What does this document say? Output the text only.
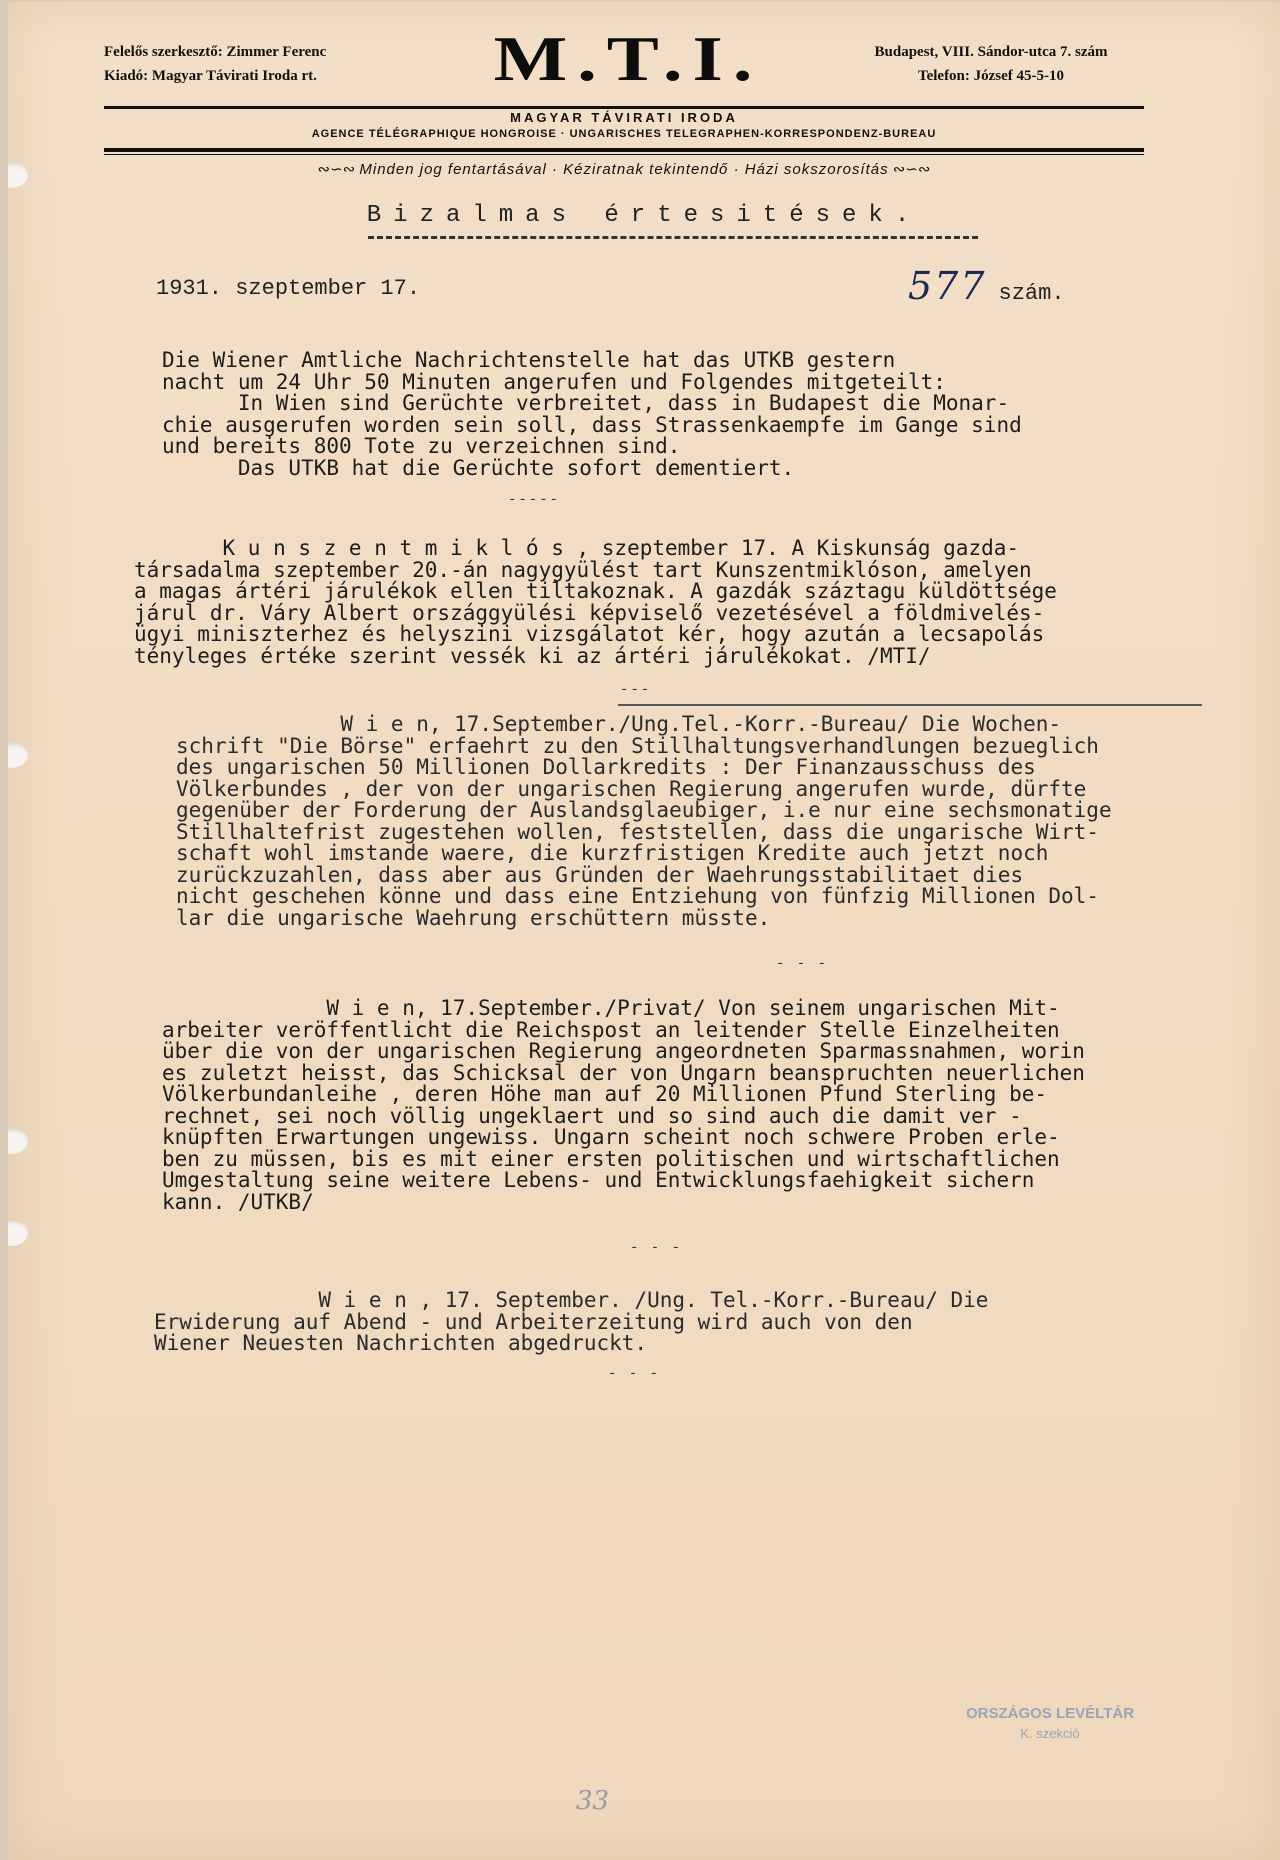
Felelős szerkesztő: Zimmer Ferenc
Kiadó: Magyar Távirati Iroda rt.	M.T.I.	Budapest, VIII. Sándor-utca 7. szám
Telefon: József 45-5-10
MAGYAR TÁVIRATI IRODA
AGENCE TÉLÉGRAPHIQUE HONGROISE · UNGARISCHES TELEGRAPHEN-KORRESPONDENZ-BUREAU
∾∽∾ Minden jog fentartásával · Kéziratnak tekintendő · Házi sokszorosítás ∾∽∾
Bizalmas értesitések.
1931. szeptember 17.	577 szám.
Die Wiener Amtliche Nachrichtenstelle hat das UTKB gestern
nacht um 24 Uhr 50 Minuten angerufen und Folgendes mitgeteilt:
In Wien sind Gerüchte verbreitet, dass in Budapest die Monar-
chie ausgerufen worden sein soll, dass Strassenkaempfe im Gange sind
und bereits 800 Tote zu verzeichnen sind.
Das UTKB hat die Gerüchte sofort dementiert.
-----
K u n s z e n t m i k l ó s , szeptember 17. A Kiskunság gazda-
társadalma szeptember 20.-án nagygyülést tart Kunszentmiklóson, amelyen
a magas ártéri járulékok ellen tiltakoznak. A gazdák száztagu küldöttsége
járul dr. Váry Albert országgyülési képviselő vezetésével a földmivelés-
ügyi miniszterhez és helyszini vizsgálatot kér, hogy azután a lecsapolás
tényleges értéke szerint vessék ki az ártéri járulékokat. /MTI/
---
W i e n, 17.September./Ung.Tel.-Korr.-Bureau/ Die Wochen-
schrift "Die Börse" erfaehrt zu den Stillhaltungsverhandlungen bezueglich
des ungarischen 50 Millionen Dollarkredits : Der Finanzausschuss des
Völkerbundes , der von der ungarischen Regierung angerufen wurde, dürfte
gegenüber der Forderung der Auslandsglaeubiger, i.e nur eine sechsmonatige
Stillhaltefrist zugestehen wollen, feststellen, dass die ungarische Wirt-
schaft wohl imstande waere, die kurzfristigen Kredite auch jetzt noch
zurückzuzahlen, dass aber aus Gründen der Waehrungsstabilitaet dies
nicht geschehen könne und dass eine Entziehung von fünfzig Millionen Dol-
lar die ungarische Waehrung erschüttern müsste.
- - -
W i e n, 17.September./Privat/ Von seinem ungarischen Mit-
arbeiter veröffentlicht die Reichspost an leitender Stelle Einzelheiten
über die von der ungarischen Regierung angeordneten Sparmassnahmen, worin
es zuletzt heisst, das Schicksal der von Ungarn beanspruchten neuerlichen
Völkerbundanleihe , deren Höhe man auf 20 Millionen Pfund Sterling be-
rechnet, sei noch völlig ungeklaert und so sind auch die damit ver -
knüpften Erwartungen ungewiss. Ungarn scheint noch schwere Proben erle-
ben zu müssen, bis es mit einer ersten politischen und wirtschaftlichen
Umgestaltung seine weitere Lebens- und Entwicklungsfaehigkeit sichern
kann. /UTKB/
- - -
W i e n , 17. September. /Ung. Tel.-Korr.-Bureau/ Die
Erwiderung auf Abend - und Arbeiterzeitung wird auch von den
Wiener Neuesten Nachrichten abgedruckt.
- - -
ORSZÁGOS LEVÉLTÁR
K. szekció
33
